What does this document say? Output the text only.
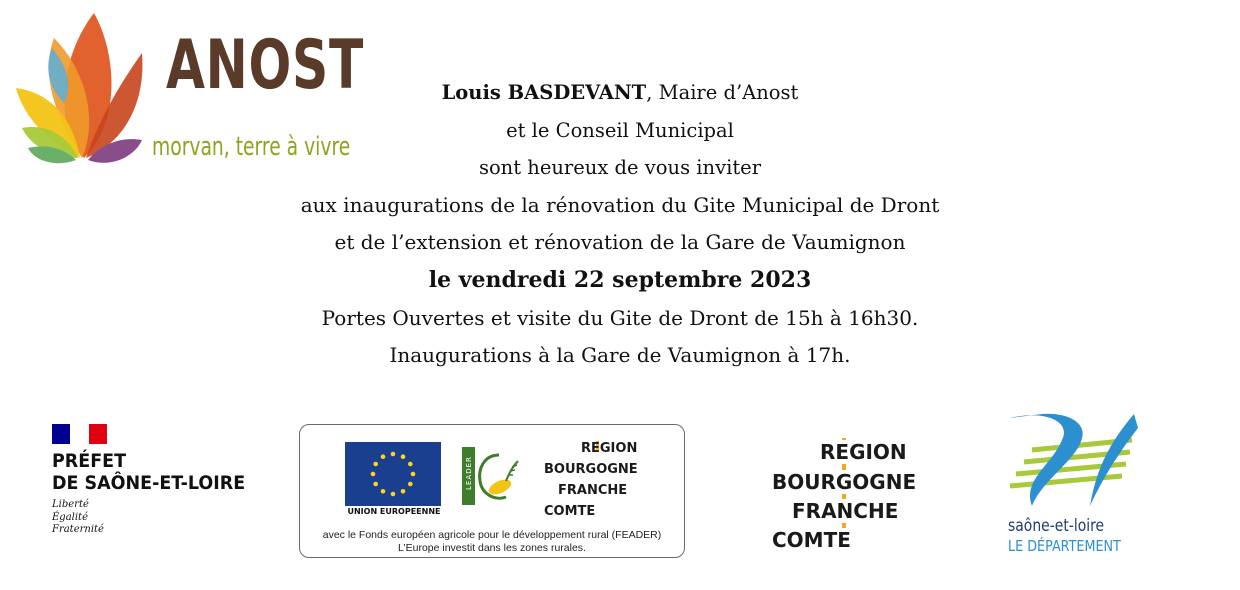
ANOST
morvan, terre à vivre
Louis BASDEVANT, Maire d’Anost
et le Conseil Municipal
sont heureux de vous inviter
aux inaugurations de la rénovation du Gite Municipal de Dront
et de l’extension et rénovation de la Gare de Vaumignon
le vendredi 22 septembre 2023
Portes Ouvertes et visite du Gite de Dront de 15h à 16h30.
Inaugurations à la Gare de Vaumignon à 17h.
PRÉFET
DE SAÔNE-ET-LOIRE
Liberté
Égalité
Fraternité
UNION EUROPEENNE
LEADER
REGION
BOURGOGNE
FRANCHE
COMTE
avec le Fonds européen agricole pour le développement rural (FEADER)
L’Europe investit dans les zones rurales.
REGION
BOURGOGNE
FRANCHE
COMTE
saône-et-loire
LE DÉPARTEMENT
